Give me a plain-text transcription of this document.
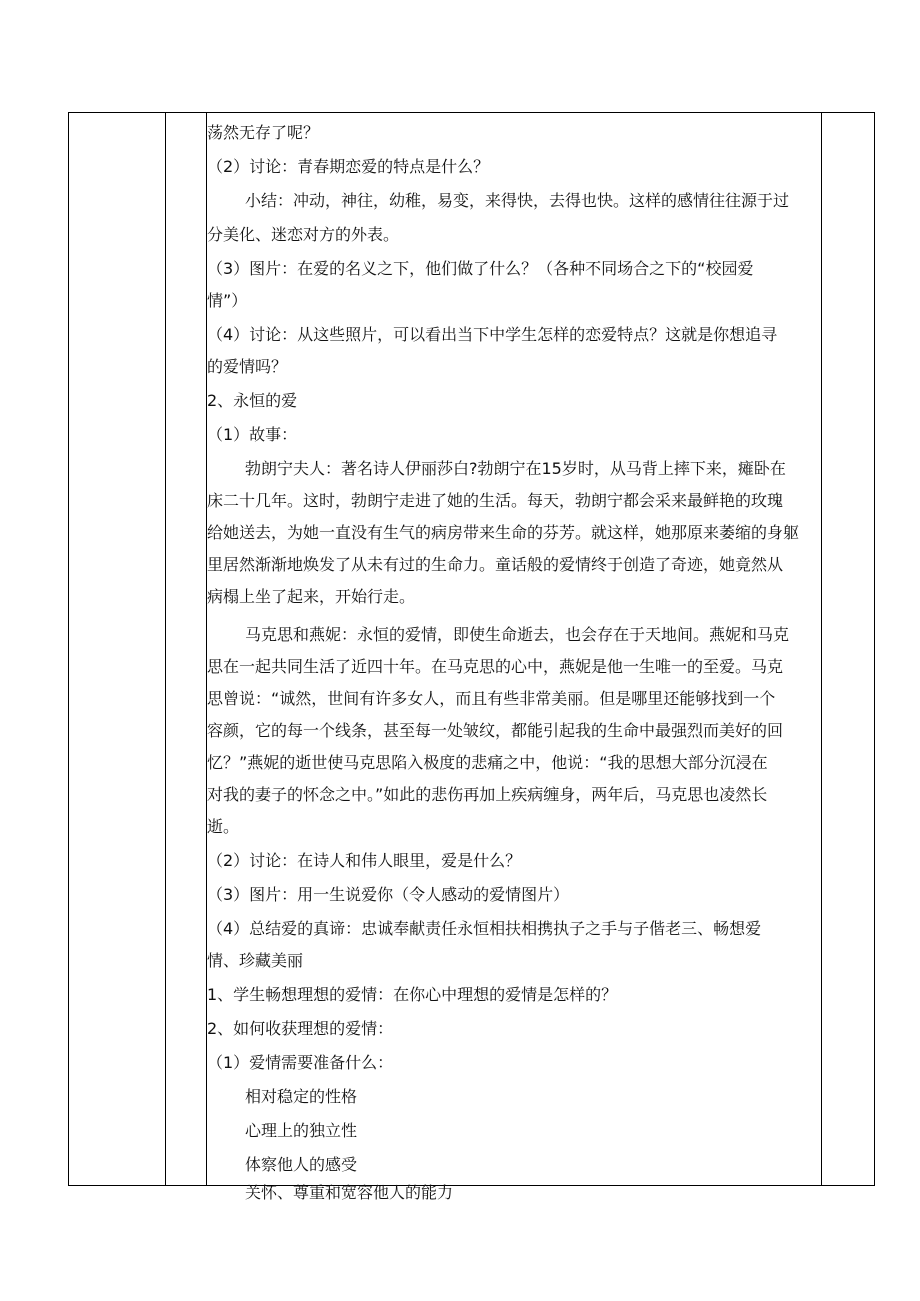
荡然无存了呢？

（2）讨论：青春期恋爱的特点是什么？

小结：冲动，神往，幼稚，易变，来得快，去得也快。这样的感情往往源于过

分美化、迷恋对方的外表。

（3）图片：在爱的名义之下，他们做了什么？（各种不同场合之下的“校园爱

情”）

（4）讨论：从这些照片，可以看出当下中学生怎样的恋爱特点？这就是你想追寻

的爱情吗？

2、永恒的爱

（1）故事：

勃朗宁夫人：著名诗人伊丽莎白?勃朗宁在15岁时，从马背上摔下来，瘫卧在

床二十几年。这时，勃朗宁走进了她的生活。每天，勃朗宁都会采来最鲜艳的玫瑰

给她送去，为她一直没有生气的病房带来生命的芬芳。就这样，她那原来萎缩的身躯

里居然渐渐地焕发了从未有过的生命力。童话般的爱情终于创造了奇迹，她竟然从

病榻上坐了起来，开始行走。

马克思和燕妮：永恒的爱情，即使生命逝去，也会存在于天地间。燕妮和马克

思在一起共同生活了近四十年。在马克思的心中，燕妮是他一生唯一的至爱。马克

思曾说：“诚然，世间有许多女人，而且有些非常美丽。但是哪里还能够找到一个

容颜，它的每一个线条，甚至每一处皱纹，都能引起我的生命中最强烈而美好的回

忆？”燕妮的逝世使马克思陷入极度的悲痛之中，他说：“我的思想大部分沉浸在

对我的妻子的怀念之中。”如此的悲伤再加上疾病缠身，两年后，马克思也凌然长

逝。

（2）讨论：在诗人和伟人眼里，爱是什么？

（3）图片：用一生说爱你（令人感动的爱情图片）

（4）总结爱的真谛：忠诚奉献责任永恒相扶相携执子之手与子偕老三、畅想爱

情、珍藏美丽

1、学生畅想理想的爱情：在你心中理想的爱情是怎样的？

2、如何收获理想的爱情：

（1）爱情需要准备什么：

相对稳定的性格

心理上的独立性

体察他人的感受

关怀、尊重和宽容他人的能力
